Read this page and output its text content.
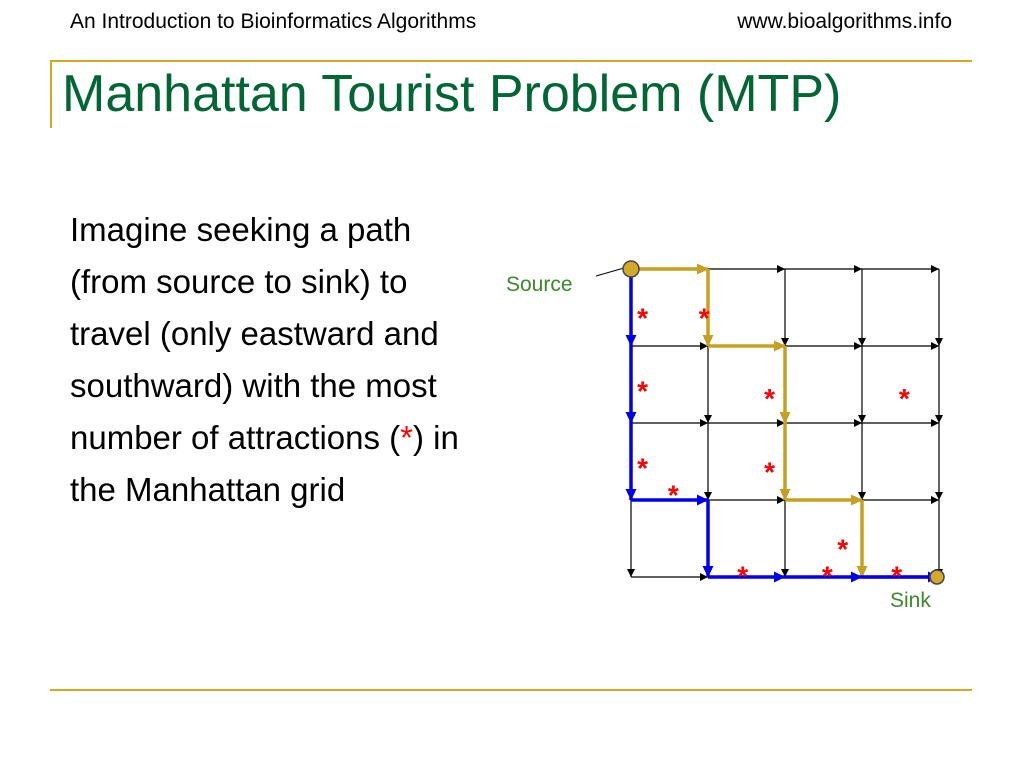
An Introduction to Bioinformatics Algorithms	www.bioalgorithms.info
Manhattan Tourist Problem (MTP)
Imagine seeking a path (from source to sink) to travel (only eastward and southward) with the most number of attractions (*) in the Manhattan grid
Source
Sink
* *
*	*	*
*	*
*
*
*	* *
